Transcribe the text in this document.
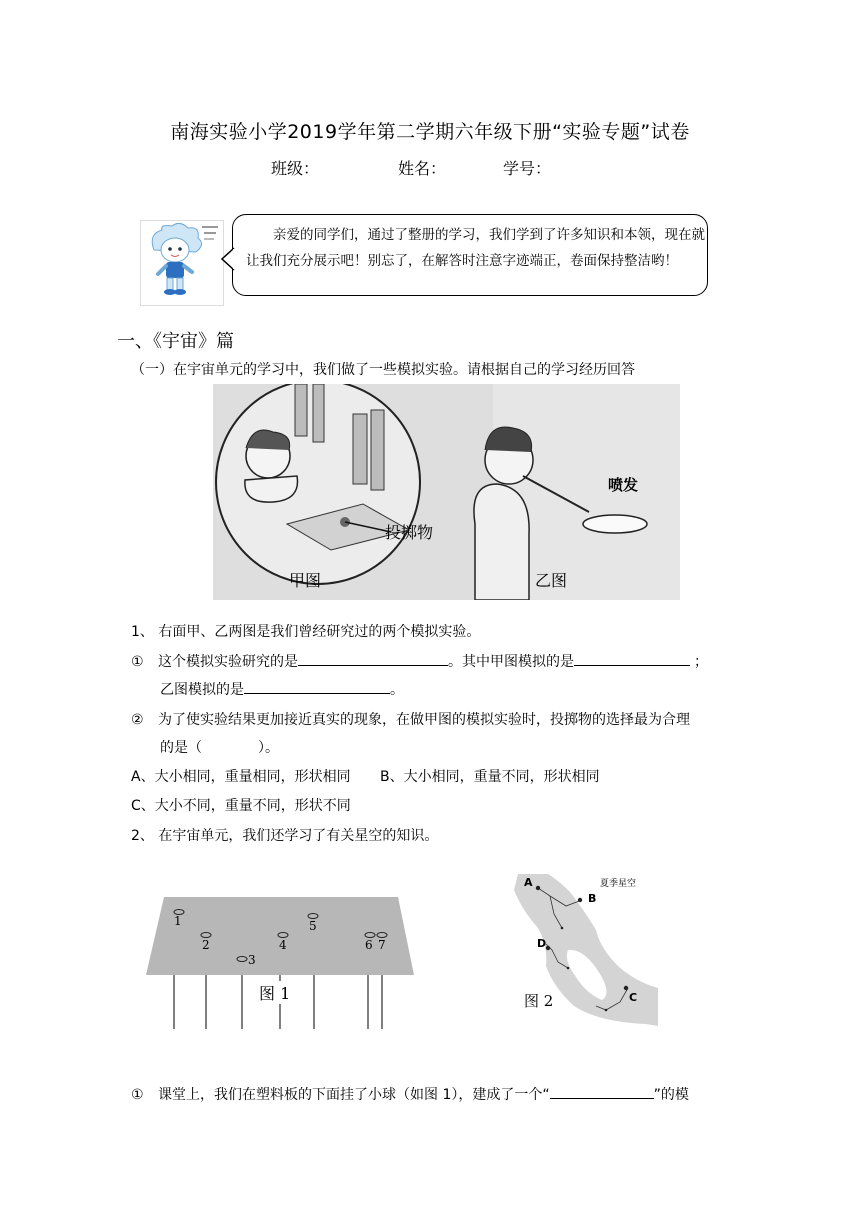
南海实验小学2019学年第二学期六年级下册“实验专题”试卷
班级：	姓名：	学号：
亲爱的同学们，通过了整册的学习，我们学到了许多知识和本领，现在就让我们充分展示吧！别忘了，在解答时注意字迹端正，卷面保持整洁哟！
一、《宇宙》篇
（一）在宇宙单元的学习中，我们做了一些模拟实验。请根据自己的学习经历回答
投掷物
喷发
甲图	乙图
1、 右面甲、乙两图是我们曾经研究过的两个模拟实验。
① 这个模拟实验研究的是	。其中甲图模拟的是	；
乙图模拟的是	。
② 为了使实验结果更加接近真实的现象，在做甲图的模拟实验时，投掷物的选择最为合理
的是（　　　　）。
A、大小相同，重量相同，形状相同 B、大小相同，重量不同，形状相同
C、大小不同，重量不同，形状不同
2、 在宇宙单元，我们还学习了有关星空的知识。
1
2
3
4
5
6 7
图 1
夏季星空
A
B
C
D
图 2
① 课堂上，我们在塑料板的下面挂了小球（如图 1），建成了一个“	”的模
